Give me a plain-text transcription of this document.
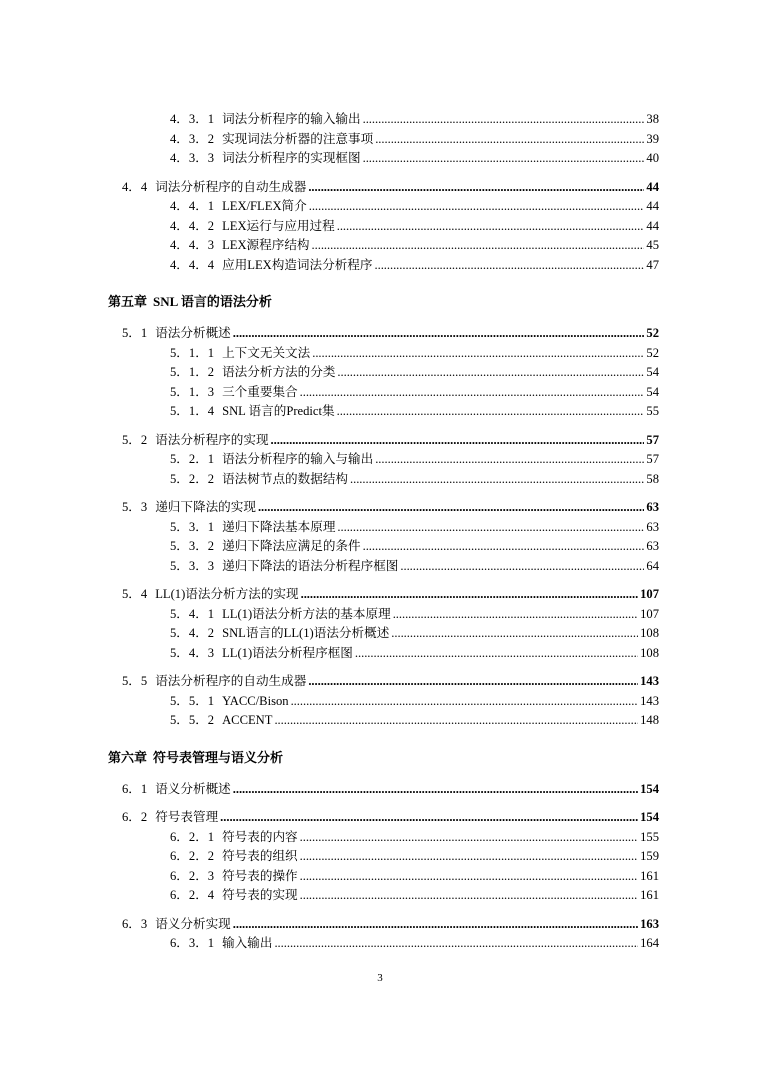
4．3．1 词法分析程序的输入输出 . . .	38
4．3．2 实现词法分析器的注意事项 . . .	39
4．3．3 词法分析程序的实现框图 . . .	40
4．4 词法分析程序的自动生成器 . . .	44
4．4．1 LEX/FLEX简介 . . .	44
4．4．2 LEX运行与应用过程 . . .	44
4．4．3 LEX源程序结构 . . .	45
4．4．4 应用LEX构造词法分析程序 . . .	47
第五章 SNL 语言的语法分析
5．1 语法分析概述 . . .	52
5．1．1 上下文无关文法 . . .	52
5．1．2 语法分析方法的分类 . . .	54
5．1．3 三个重要集合 . . .	54
5．1．4 SNL 语言的Predict集 . . .	55
5．2 语法分析程序的实现 . . .	57
5．2．1 语法分析程序的输入与输出 . . .	57
5．2．2 语法树节点的数据结构 . . .	58
5．3 递归下降法的实现 . . .	63
5．3．1 递归下降法基本原理 . . .	63
5．3．2 递归下降法应满足的条件 . . .	63
5．3．3 递归下降法的语法分析程序框图 . . .	64
5．4 LL(1)语法分析方法的实现 . . .	107
5．4．1 LL(1)语法分析方法的基本原理 . . .	107
5．4．2 SNL语言的LL(1)语法分析概述 . . .	108
5．4．3 LL(1)语法分析程序框图 . . .	108
5．5 语法分析程序的自动生成器 . . .	143
5．5．1 YACC/Bison . . .	143
5．5．2 ACCENT . . .	148
第六章 符号表管理与语义分析
6．1 语义分析概述 . . .	154
6．2 符号表管理 . . .	154
6．2．1 符号表的内容 . . .	155
6．2．2 符号表的组织 . . .	159
6．2．3 符号表的操作 . . .	161
6．2．4 符号表的实现 . . .	161
6．3 语义分析实现 . . .	163
6．3．1 输入输出 . . .	164
3
